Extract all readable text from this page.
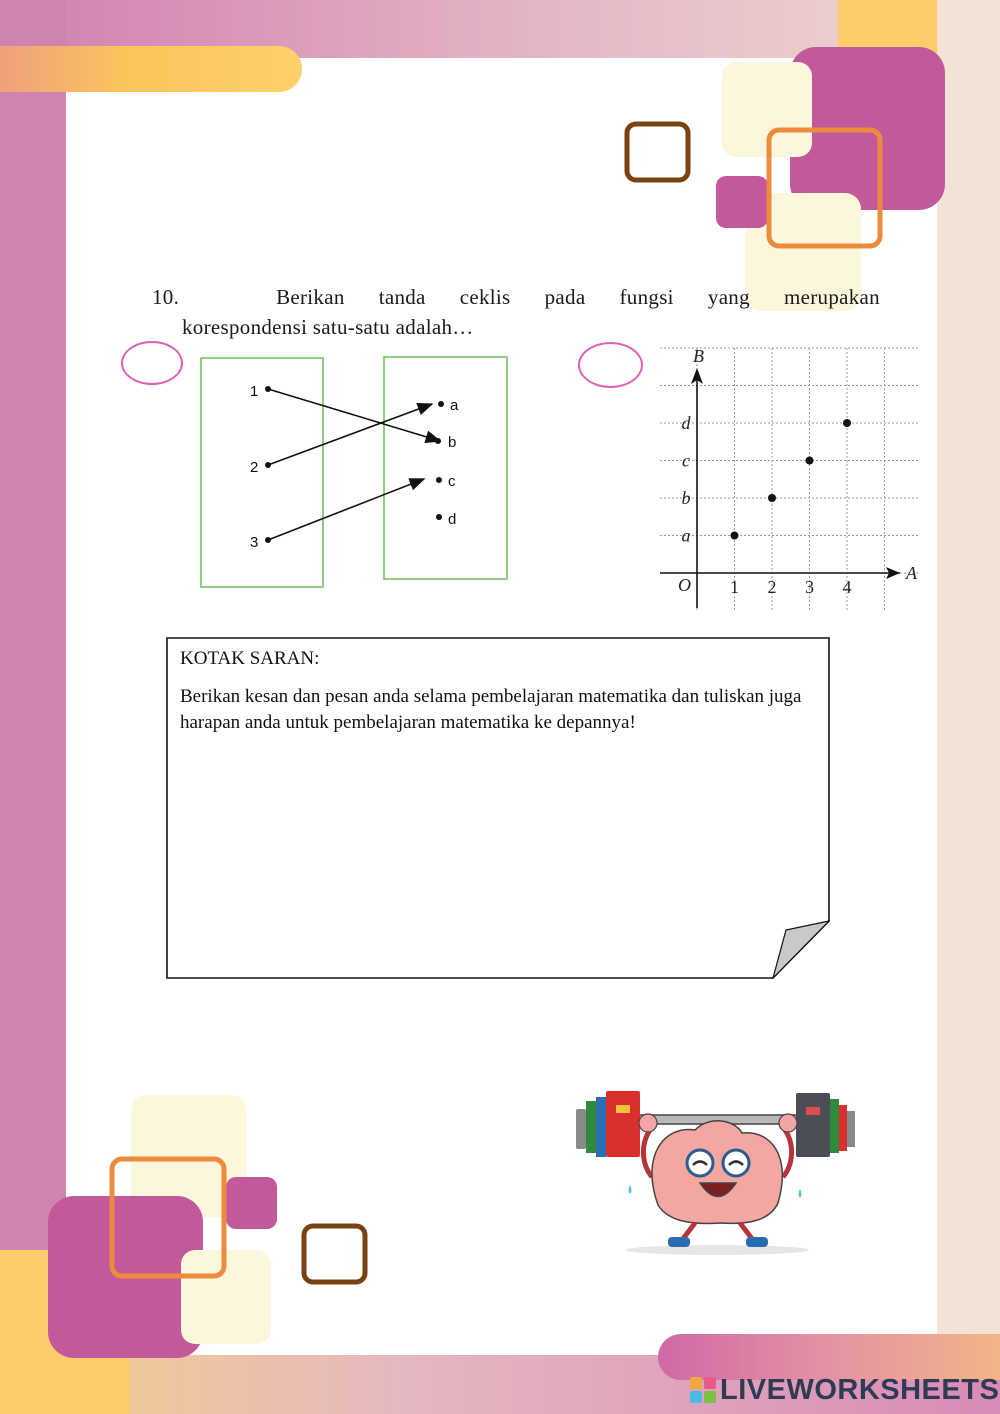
10.	Berikan tanda ceklis pada fungsi yang merupakan
korespondensi satu-satu adalah…
1
2
3
a
b
c
d
B
A
O 1 2 3 4
a
b
c
d
KOTAK SARAN:
Berikan kesan dan pesan anda selama pembelajaran matematika dan tuliskan juga harapan anda untuk pembelajaran matematika ke depannya!
LIVEWORKSHEETS
